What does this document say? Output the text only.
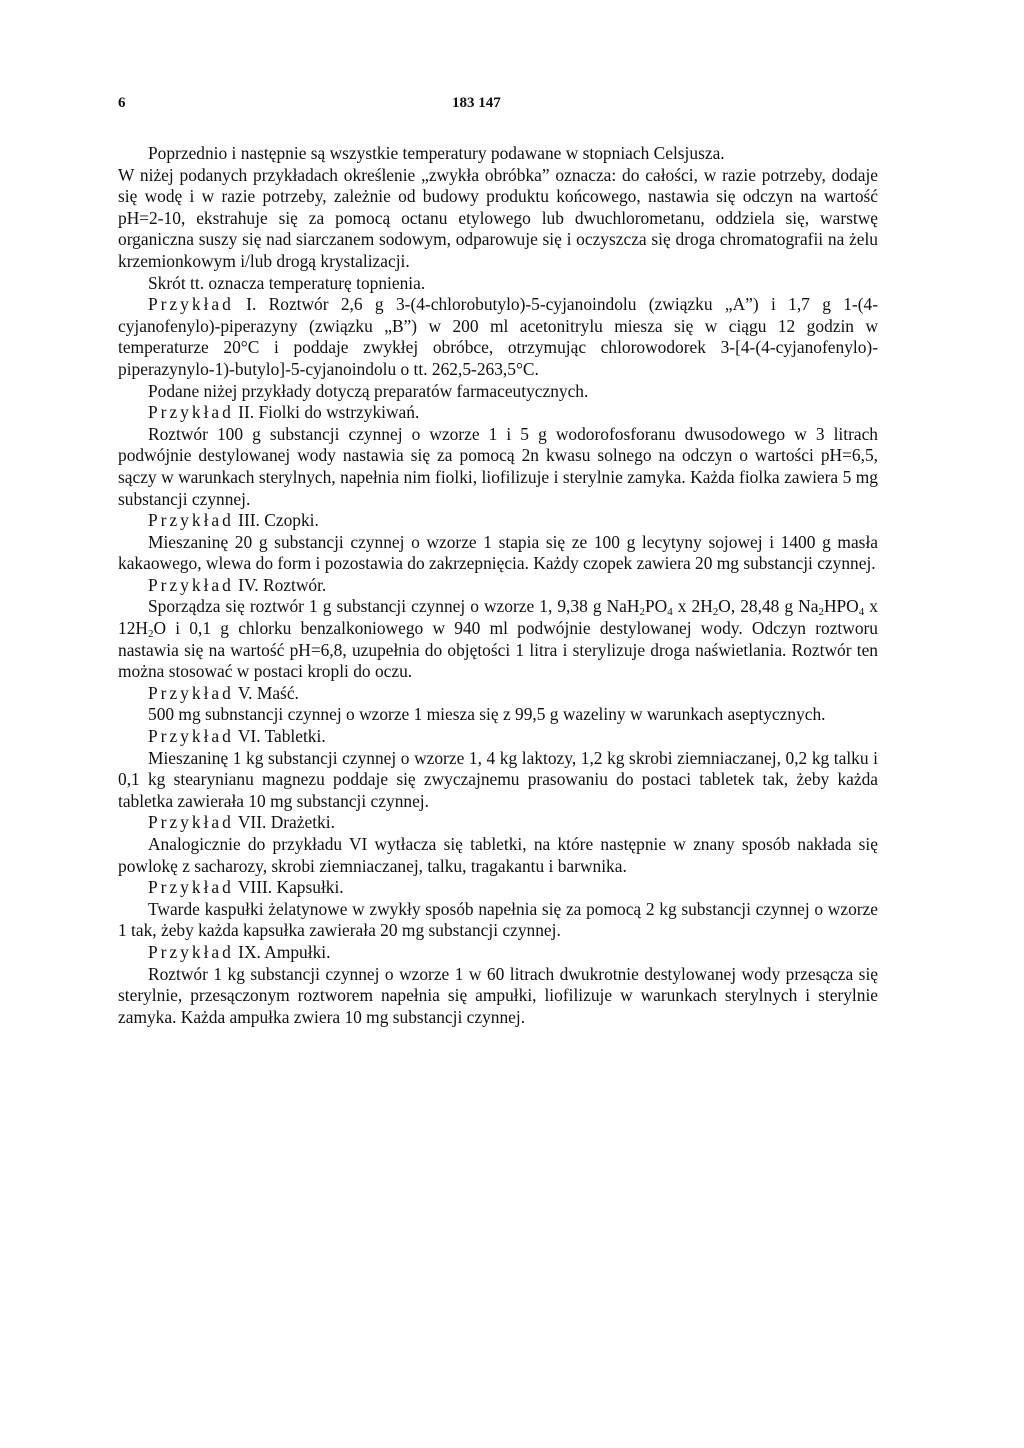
6	183 147

Poprzednio i następnie są wszystkie temperatury podawane w stopniach Celsjusza.

W niżej podanych przykładach określenie „zwykła obróbka” oznacza: do całości, w razie potrzeby, dodaje się wodę i w razie potrzeby, zależnie od budowy produktu końcowego, nastawia się odczyn na wartość pH=2-10, ekstrahuje się za pomocą octanu etylowego lub dwuchlorometanu, oddziela się, warstwę organiczna suszy się nad siarczanem sodowym, odparowuje się i oczyszcza się droga chromatografii na żelu krzemionkowym i/lub drogą krystalizacji.

Skrót tt. oznacza temperaturę topnienia.

Przykład I. Roztwór 2,6 g 3-(4-chlorobutylo)-5-cyjanoindolu (związku „A”) i 1,7 g 1-(4-cyjanofenylo)-piperazyny (związku „B”) w 200 ml acetonitrylu miesza się w ciągu 12 godzin w temperaturze 20°C i poddaje zwykłej obróbce, otrzymując chlorowodorek 3-[4-(4-cyjanofenylo)-piperazynylo-1)-butylo]-5-cyjanoindolu o tt. 262,5-263,5°C.

Podane niżej przykłady dotyczą preparatów farmaceutycznych.

Przykład II. Fiolki do wstrzykiwań.

Roztwór 100 g substancji czynnej o wzorze 1 i 5 g wodorofosforanu dwusodowego w 3 litrach podwójnie destylowanej wody nastawia się za pomocą 2n kwasu solnego na odczyn o wartości pH=6,5, sączy w warunkach sterylnych, napełnia nim fiolki, liofilizuje i sterylnie zamyka. Każda fiolka zawiera 5 mg substancji czynnej.

Przykład III. Czopki.

Mieszaninę 20 g substancji czynnej o wzorze 1 stapia się ze 100 g lecytyny sojowej i 1400 g masła kakaowego, wlewa do form i pozostawia do zakrzepnięcia. Każdy czopek zawiera 20 mg substancji czynnej.

Przykład IV. Roztwór.

Sporządza się roztwór 1 g substancji czynnej o wzorze 1, 9,38 g $NaH_2PO_4$ x $2H_2O$, 28,48 g $Na_2HPO_4$ x $12H_2O$ i 0,1 g chlorku benzalkoniowego w 940 ml podwójnie destylowanej wody. Odczyn roztworu nastawia się na wartość pH=6,8, uzupełnia do objętości 1 litra i sterylizuje droga naświetlania. Roztwór ten można stosować w postaci kropli do oczu.

Przykład V. Maść.

500 mg subnstancji czynnej o wzorze 1 miesza się z 99,5 g wazeliny w warunkach aseptycznych.

Przykład VI. Tabletki.

Mieszaninę 1 kg substancji czynnej o wzorze 1, 4 kg laktozy, 1,2 kg skrobi ziemniaczanej, 0,2 kg talku i 0,1 kg stearynianu magnezu poddaje się zwyczajnemu prasowaniu do postaci tabletek tak, żeby każda tabletka zawierała 10 mg substancji czynnej.

Przykład VII. Drażetki.

Analogicznie do przykładu VI wytłacza się tabletki, na które następnie w znany sposób nakłada się powlokę z sacharozy, skrobi ziemniaczanej, talku, tragakantu i barwnika.

Przykład VIII. Kapsułki.

Twarde kaspułki żelatynowe w zwykły sposób napełnia się za pomocą 2 kg substancji czynnej o wzorze 1 tak, żeby każda kapsułka zawierała 20 mg substancji czynnej.

Przykład IX. Ampułki.

Roztwór 1 kg substancji czynnej o wzorze 1 w 60 litrach dwukrotnie destylowanej wody przesącza się sterylnie, przesączonym roztworem napełnia się ampułki, liofilizuje w warunkach sterylnych i sterylnie zamyka. Każda ampułka zwiera 10 mg substancji czynnej.
